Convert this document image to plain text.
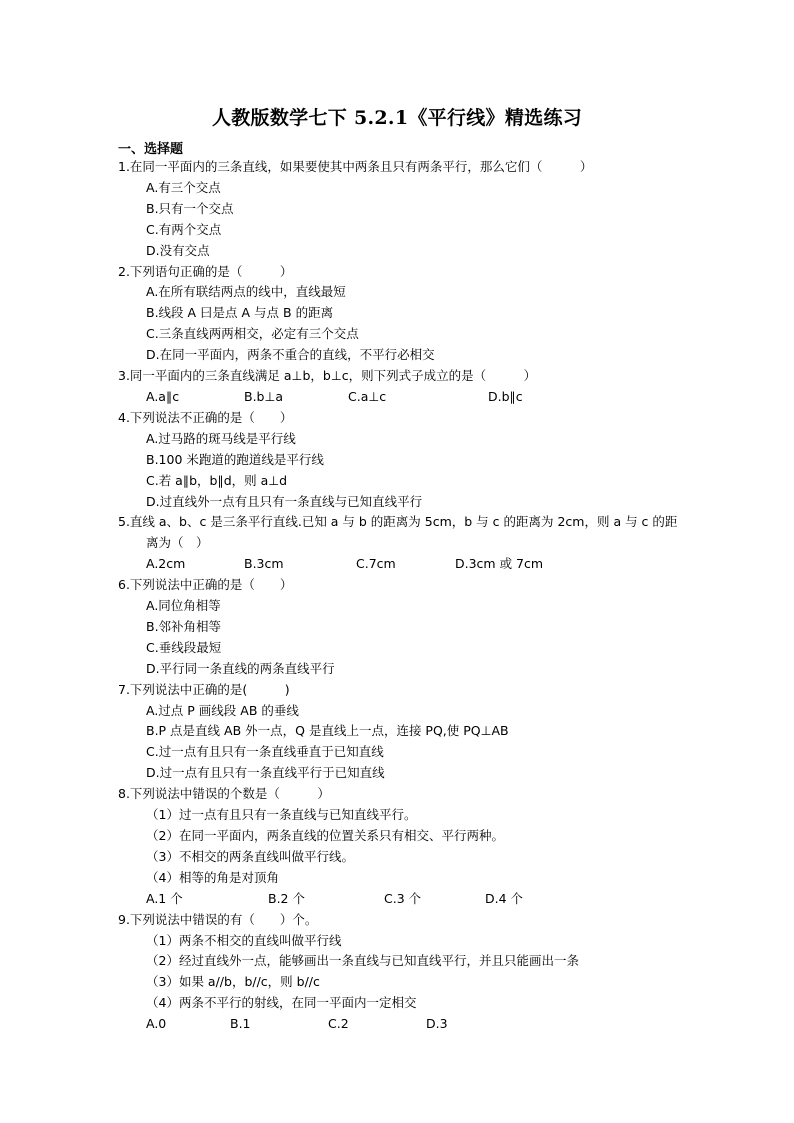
人教版数学七下 5.2.1《平行线》精选练习
一、选择题
1.在同一平面内的三条直线，如果要使其中两条且只有两条平行，那么它们（　　　）
A.有三个交点
B.只有一个交点
C.有两个交点
D.没有交点
2.下列语句正确的是（　　　）
A.在所有联结两点的线中，直线最短
B.线段 A 曰是点 A 与点 B 的距离
C.三条直线两两相交，必定有三个交点
D.在同一平面内，两条不重合的直线，不平行必相交
3.同一平面内的三条直线满足 a⊥b，b⊥c，则下列式子成立的是（　　　）
A.a∥c	B.b⊥a	C.a⊥c	D.b∥c
4.下列说法不正确的是（　　）
A.过马路的斑马线是平行线
B.100 米跑道的跑道线是平行线
C.若 a∥b，b∥d，则 a⊥d
D.过直线外一点有且只有一条直线与已知直线平行
5.直线 a、b、c 是三条平行直线.已知 a 与 b 的距离为 5cm，b 与 c 的距离为 2cm，则 a 与 c 的距
离为（　）
A.2cm	B.3cm	C.7cm	D.3cm 或 7cm
6.下列说法中正确的是（　　）
A.同位角相等
B.邻补角相等
C.垂线段最短
D.平行同一条直线的两条直线平行
7.下列说法中正确的是(　　　)
A.过点 P 画线段 AB 的垂线
B.P 点是直线 AB 外一点，Q 是直线上一点，连接 PQ,使 PQ⊥AB
C.过一点有且只有一条直线垂直于已知直线
D.过一点有且只有一条直线平行于已知直线
8.下列说法中错误的个数是（　　　）
（1）过一点有且只有一条直线与已知直线平行。
（2）在同一平面内，两条直线的位置关系只有相交、平行两种。
（3）不相交的两条直线叫做平行线。
（4）相等的角是对顶角
A.1 个	B.2 个	C.3 个	D.4 个
9.下列说法中错误的有（　　）个。
（1）两条不相交的直线叫做平行线
（2）经过直线外一点，能够画出一条直线与已知直线平行，并且只能画出一条
（3）如果 a//b，b//c，则 b//c
（4）两条不平行的射线，在同一平面内一定相交
A.0	B.1	C.2	D.3
